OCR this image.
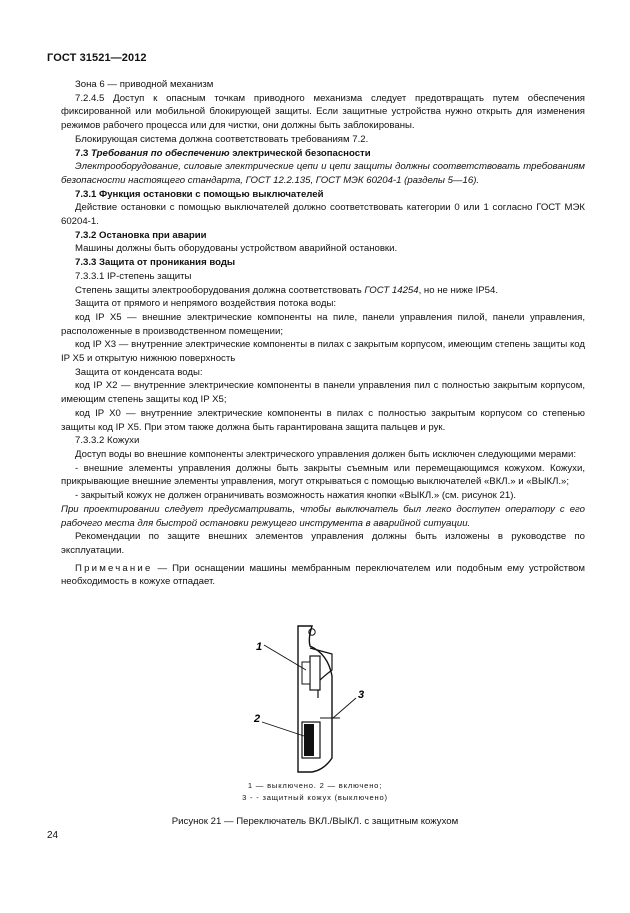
ГОСТ 31521—2012

Зона 6 — приводной механизм

7.2.4.5 Доступ к опасным точкам приводного механизма следует предотвращать путем обеспечения фиксированной или мобильной блокирующей защиты. Если защитные устройства нужно открыть для изменения режимов рабочего процесса или для чистки, они должны быть заблокированы.

Блокирующая система должна соответствовать требованиям 7.2.

7.3 Требования по обеспечению электрической безопасности

Электрооборудование, силовые электрические цепи и цепи защиты должны соответствовать требованиям безопасности настоящего стандарта, ГОСТ 12.2.135, ГОСТ МЭК 60204-1 (разделы 5—16).

7.3.1 Функция остановки с помощью выключателей

Действие остановки с помощью выключателей должно соответствовать категории 0 или 1 согласно ГОСТ МЭК 60204-1.

7.3.2 Остановка при аварии

Машины должны быть оборудованы устройством аварийной остановки.

7.3.3 Защита от проникания воды

7.3.3.1 IP-степень защиты

Степень защиты электрооборудования должна соответствовать ГОСТ 14254, но не ниже IP54.

Защита от прямого и непрямого воздействия потока воды:

код IP X5 — внешние электрические компоненты на пиле, панели управления пилой, панели управления, расположенные в производственном помещении;

код IP X3 — внутренние электрические компоненты в пилах с закрытым корпусом, имеющим степень защиты код IP X5 и открытую нижнюю поверхность

Защита от конденсата воды:

код IP X2 — внутренние электрические компоненты в панели управления пил с полностью закрытым корпусом, имеющим степень защиты код IP X5;

код IP X0 — внутренние электрические компоненты в пилах с полностью закрытым корпусом со степенью защиты код IP X5. При этом также должна быть гарантирована защита пальцев и рук.

7.3.3.2 Кожухи

Доступ воды во внешние компоненты электрического управления должен быть исключен следующими мерами:

- внешние элементы управления должны быть закрыты съемным или перемещающимся кожухом. Кожухи, прикрывающие внешние элементы управления, могут открываться с помощью выключателей «ВКЛ.» и «ВЫКЛ.»;

- закрытый кожух не должен ограничивать возможность нажатия кнопки «ВЫКЛ.» (см. рисунок 21).

При проектировании следует предусматривать, чтобы выключатель был легко доступен оператору с его рабочего места для быстрой остановки режущего инструмента в аварийной ситуации.

Рекомендации по защите внешних элементов управления должны быть изложены в руководстве по эксплуатации.

Примечание — При оснащении машины мембранным переключателем или подобным ему устройством необходимость в кожухе отпадает.

1
2
3
1 — выключено. 2 — включено;
3 - - защитный кожух (выключено)
Рисунок 21 — Переключатель ВКЛ./ВЫКЛ. с защитным кожухом
24
